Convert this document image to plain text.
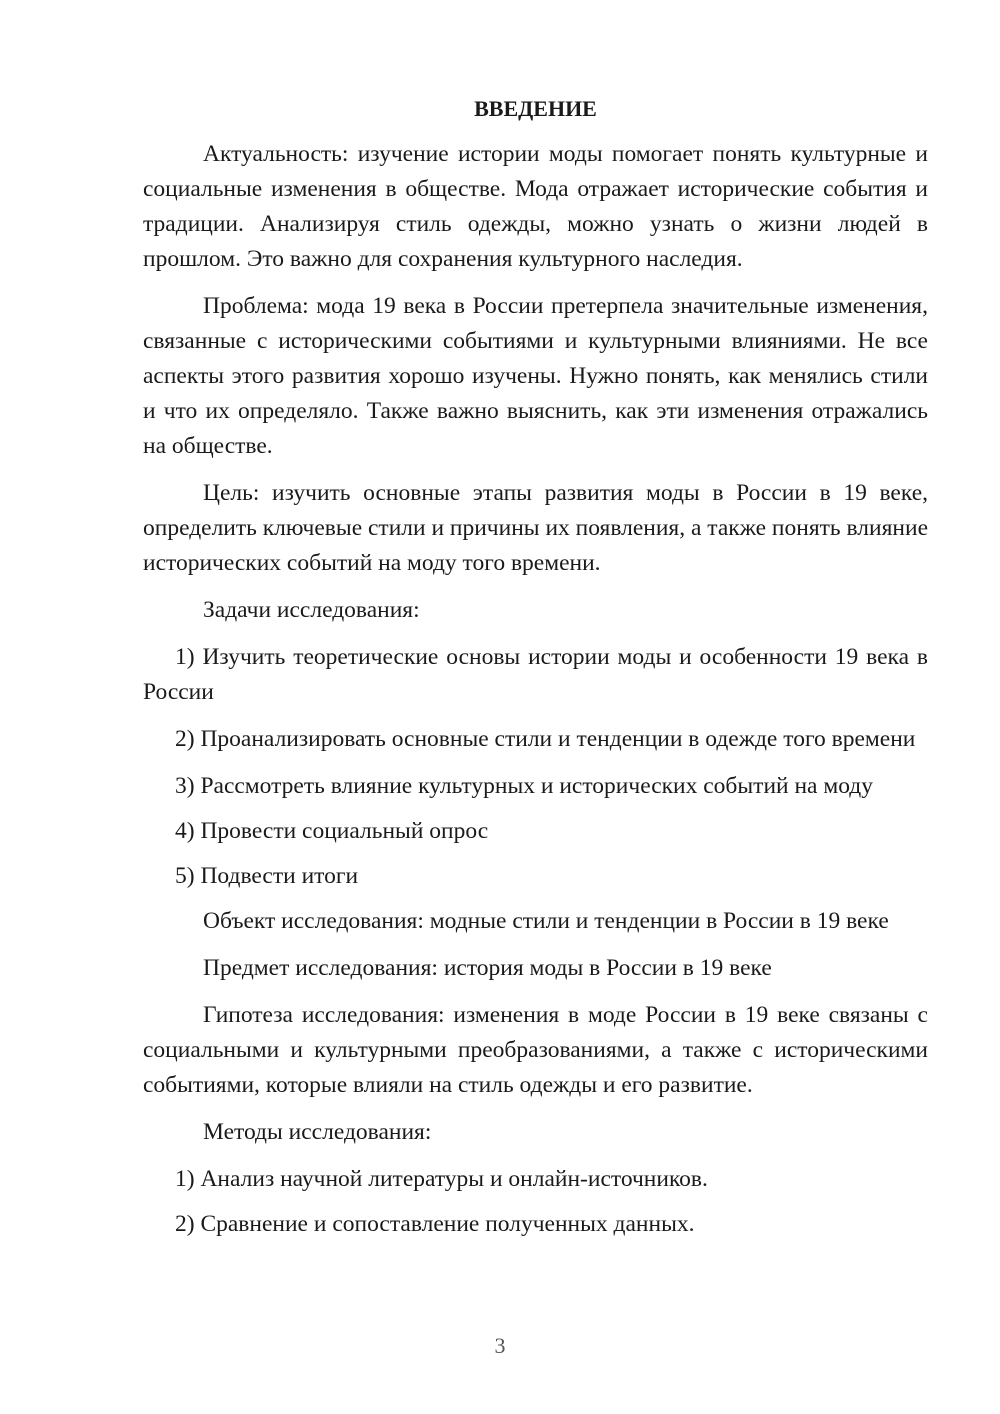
ВВЕДЕНИЕ

Актуальность: изучение истории моды помогает понять культурные и социальные изменения в обществе. Мода отражает исторические события и традиции. Анализируя стиль одежды, можно узнать о жизни людей в прошлом. Это важно для сохранения культурного наследия.

Проблема: мода 19 века в России претерпела значительные изменения, связанные с историческими событиями и культурными влияниями. Не все аспекты этого развития хорошо изучены. Нужно понять, как менялись стили и что их определяло. Также важно выяснить, как эти изменения отражались на обществе.

Цель: изучить основные этапы развития моды в России в 19 веке, определить ключевые стили и причины их появления, а также понять влияние исторических событий на моду того времени.

Задачи исследования:

1) Изучить теоретические основы истории моды и особенности 19 века в России

2) Проанализировать основные стили и тенденции в одежде того времени

3) Рассмотреть влияние культурных и исторических событий на моду

4) Провести социальный опрос

5) Подвести итоги

Объект исследования: модные стили и тенденции в России в 19 веке

Предмет исследования: история моды в России в 19 веке

Гипотеза исследования: изменения в моде России в 19 веке связаны с социальными и культурными преобразованиями, а также с историческими событиями, которые влияли на стиль одежды и его развитие.

Методы исследования:

1) Анализ научной литературы и онлайн-источников.

2) Сравнение и сопоставление полученных данных.

3
